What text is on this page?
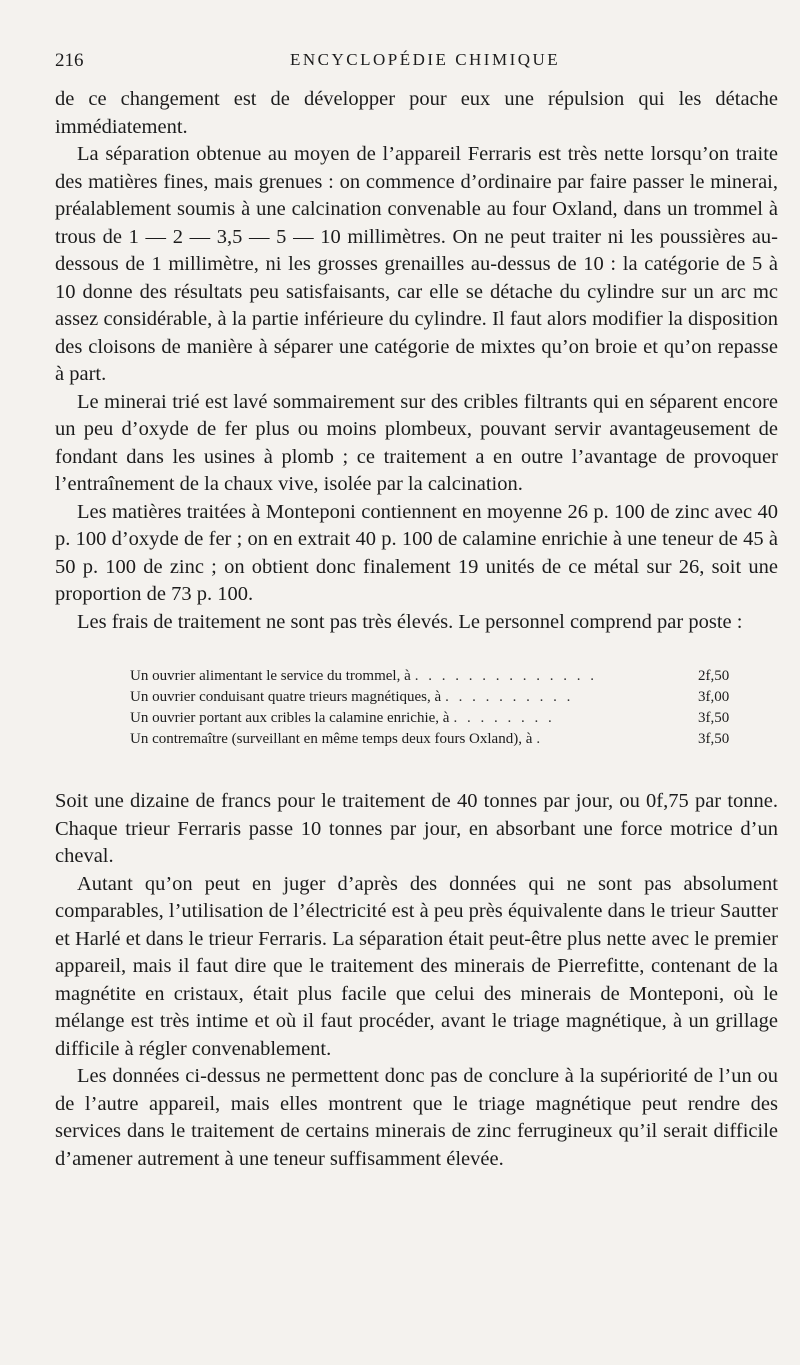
216	ENCYCLOPÉDIE CHIMIQUE

de ce changement est de développer pour eux une répulsion qui les détache immédiatement.

La séparation obtenue au moyen de l’appareil Ferraris est très nette lorsqu’on traite des matières fines, mais grenues : on commence d’ordinaire par faire passer le minerai, préalablement soumis à une calcination convenable au four Oxland, dans un trommel à trous de 1 — 2 — 3,5 — 5 — 10 millimètres. On ne peut traiter ni les poussières au-dessous de 1 millimètre, ni les grosses grenailles au-dessus de 10 : la catégorie de 5 à 10 donne des résultats peu satisfaisants, car elle se détache du cylindre sur un arc mc assez considérable, à la partie inférieure du cylindre. Il faut alors modifier la disposition des cloisons de manière à séparer une catégorie de mixtes qu’on broie et qu’on repasse à part.

Le minerai trié est lavé sommairement sur des cribles filtrants qui en séparent encore un peu d’oxyde de fer plus ou moins plombeux, pouvant servir avantageusement de fondant dans les usines à plomb ; ce traitement a en outre l’avantage de provoquer l’entraînement de la chaux vive, isolée par la calcination.

Les matières traitées à Monteponi contiennent en moyenne 26 p. 100 de zinc avec 40 p. 100 d’oxyde de fer ; on en extrait 40 p. 100 de calamine enrichie à une teneur de 45 à 50 p. 100 de zinc ; on obtient donc finalement 19 unités de ce métal sur 26, soit une proportion de 73 p. 100.

Les frais de traitement ne sont pas très élevés. Le personnel comprend par poste :

Un ouvrier alimentant le service du trommel, à . . . . . . . . . . . . . .	2f,50
Un ouvrier conduisant quatre trieurs magnétiques, à . . . . . . . . . .	3f,00
Un ouvrier portant aux cribles la calamine enrichie, à . . . . . . . .	3f,50
Un contremaître (surveillant en même temps deux fours Oxland), à .	3f,50

Soit une dizaine de francs pour le traitement de 40 tonnes par jour, ou 0f,75 par tonne. Chaque trieur Ferraris passe 10 tonnes par jour, en absorbant une force motrice d’un cheval.

Autant qu’on peut en juger d’après des données qui ne sont pas absolument comparables, l’utilisation de l’électricité est à peu près équivalente dans le trieur Sautter et Harlé et dans le trieur Ferraris. La séparation était peut-être plus nette avec le premier appareil, mais il faut dire que le traitement des minerais de Pierrefitte, contenant de la magnétite en cristaux, était plus facile que celui des minerais de Monteponi, où le mélange est très intime et où il faut procéder, avant le triage magnétique, à un grillage difficile à régler convenablement.

Les données ci-dessus ne permettent donc pas de conclure à la supériorité de l’un ou de l’autre appareil, mais elles montrent que le triage magnétique peut rendre des services dans le traitement de certains minerais de zinc ferrugineux qu’il serait difficile d’amener autrement à une teneur suffisamment élevée.
